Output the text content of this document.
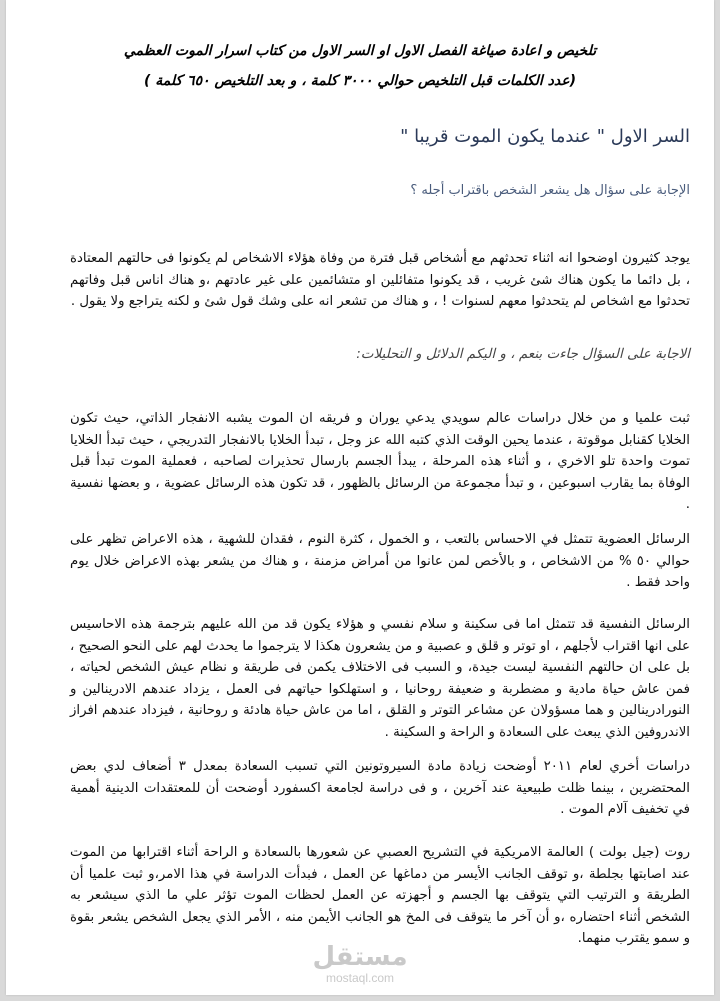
تلخيص و اعادة صياغة الفصل الاول او السر الاول من كتاب اسرار الموت العظمي
(عدد الكلمات قبل التلخيص حوالي ٣٠٠٠ كلمة ، و بعد التلخيص ٦٥٠ كلمة )
السر الاول " عندما يكون الموت قريبا "
الإجابة على سؤال هل يشعر الشخص باقتراب أجله ؟

يوجد كثيرون اوضحوا انه اثناء تحدثهم مع أشخاص قبل فترة من وفاة هؤلاء الاشخاص لم يكونوا فى حالتهم المعتادة ، بل دائما ما يكون هناك شئ غريب ، قد يكونوا متفائلين او متشائمين على غير عادتهم ،و هناك اناس قبل وفاتهم تحدثوا مع اشخاص لم يتحدثوا معهم لسنوات ! ، و هناك من تشعر انه على وشك قول شئ و لكنه يتراجع ولا يقول .

الاجابة على السؤال جاءت بنعم ، و اليكم الدلائل و التحليلات:

ثبت علميا و من خلال دراسات عالم سويدي يدعي يوران و فريقه ان الموت يشبه الانفجار الذاتي، حيث تكون الخلايا كقنابل موقوتة ، عندما يحين الوقت الذي كتبه الله عز وجل ، تبدأ الخلايا بالانفجار التدريجي ، حيث تبدأ الخلايا تموت واحدة تلو الاخري ، و أثناء هذه المرحلة ، يبدأ الجسم بارسال تحذيرات لصاحبه ، فعملية الموت تبدأ قبل الوفاة بما يقارب اسبوعين ، و تبدأ مجموعة من الرسائل بالظهور ، قد تكون هذه الرسائل عضوية ، و بعضها نفسية .

الرسائل العضوية تتمثل في الاحساس بالتعب ، و الخمول ، كثرة النوم ، فقدان للشهية ، هذه الاعراض تظهر على حوالي ٥٠ % من الاشخاص ، و بالأخص لمن عانوا من أمراض مزمنة ، و هناك من يشعر بهذه الاعراض خلال يوم واحد فقط .

الرسائل النفسية قد تتمثل اما فى سكينة و سلام نفسي و هؤلاء يكون قد من الله عليهم بترجمة هذه الاحاسيس على انها اقتراب لأجلهم ، او توتر و قلق و عصبية و من يشعرون هكذا لا يترجموا ما يحدث لهم على النحو الصحيح ، بل على ان حالتهم النفسية ليست جيدة، و السبب فى الاختلاف يكمن فى طريقة و نظام عيش الشخص لحياته ، فمن عاش حياة مادية و مضطربة و ضعيفة روحانيا ، و استهلكوا حياتهم فى العمل ، يزداد عندهم الادرينالين و النورادرينالين و هما مسؤولان عن مشاعر التوتر و القلق ، اما من عاش حياة هادئة و روحانية ، فيزداد عندهم افراز الاندروفين الذي يبعث على السعادة و الراحة و السكينة .

دراسات أخري لعام ٢٠١١ أوضحت زيادة مادة السيروتونين التي تسبب السعادة بمعدل ٣ أضعاف لدي بعض المحتضرين ، بينما ظلت طبيعية عند آخرين ، و فى دراسة لجامعة اكسفورد أوضحت أن للمعتقدات الدينية أهمية في تخفيف آلام الموت .

روت (جيل بولت ) العالمة الامريكية في التشريح العصبي عن شعورها بالسعادة و الراحة أثناء اقترابها من الموت عند اصابتها بجلطة ،و توقف الجانب الأيسر من دماغها عن العمل ، فبدأت الدراسة في هذا الامر،و ثبت علميا أن الطريقة و الترتيب التي يتوقف بها الجسم و أجهزته عن العمل لحظات الموت تؤثر علي ما الذي سيشعر به الشخص أثناء احتضاره ،و أن آخر ما يتوقف فى المخ هو الجانب الأيمن منه ، الأمر الذي يجعل الشخص يشعر بقوة و سمو يقترب منهما.

مستقل
mostaql.com
